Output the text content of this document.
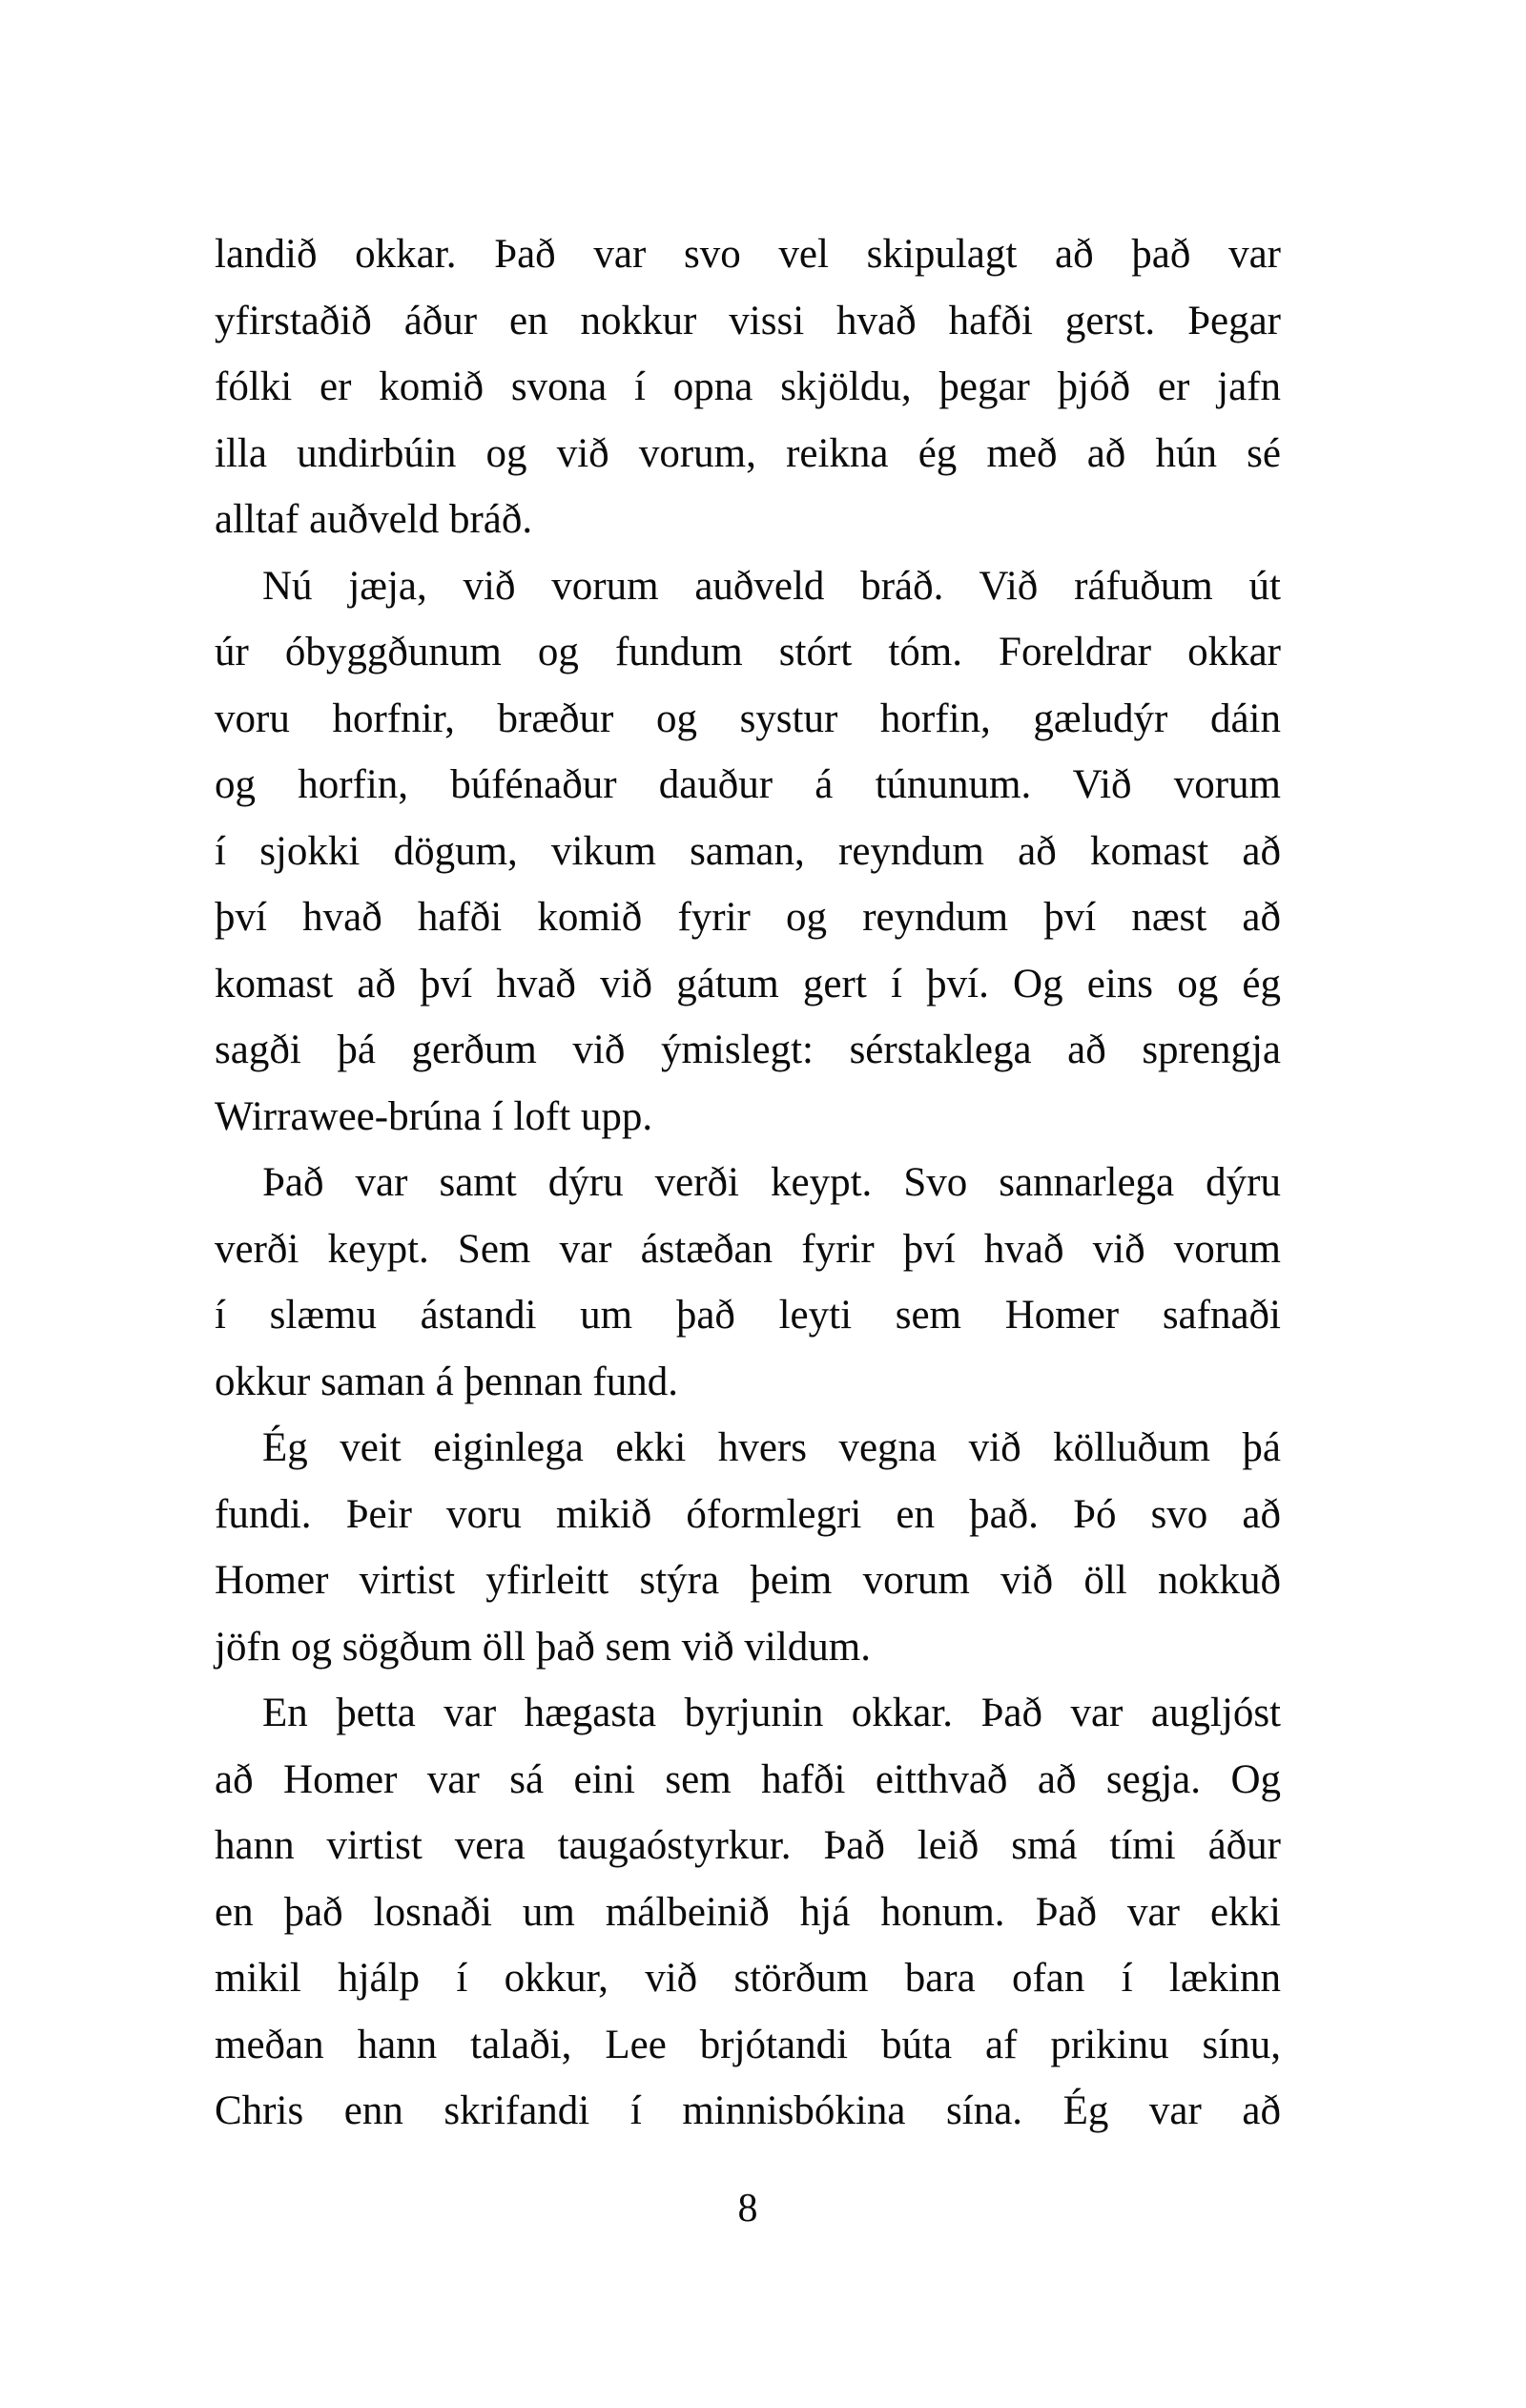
landið okkar. Það var svo vel skipulagt að það var
yfirstaðið áður en nokkur vissi hvað hafði gerst. Þegar
fólki er komið svona í opna skjöldu, þegar þjóð er jafn
illa undirbúin og við vorum, reikna ég með að hún sé
alltaf auðveld bráð.
Nú jæja, við vorum auðveld bráð. Við ráfuðum út
úr óbyggðunum og fundum stórt tóm. Foreldrar okkar
voru horfnir, bræður og systur horfin, gæludýr dáin
og horfin, búfénaður dauður á túnunum. Við vorum
í sjokki dögum, vikum saman, reyndum að komast að
því hvað hafði komið fyrir og reyndum því næst að
komast að því hvað við gátum gert í því. Og eins og ég
sagði þá gerðum við ýmislegt: sérstaklega að sprengja
Wirrawee-brúna í loft upp.
Það var samt dýru verði keypt. Svo sannarlega dýru
verði keypt. Sem var ástæðan fyrir því hvað við vorum
í slæmu ástandi um það leyti sem Homer safnaði
okkur saman á þennan fund.
Ég veit eiginlega ekki hvers vegna við kölluðum þá
fundi. Þeir voru mikið óformlegri en það. Þó svo að
Homer virtist yfirleitt stýra þeim vorum við öll nokkuð
jöfn og sögðum öll það sem við vildum.
En þetta var hægasta byrjunin okkar. Það var augljóst
að Homer var sá eini sem hafði eitthvað að segja. Og
hann virtist vera taugaóstyrkur. Það leið smá tími áður
en það losnaði um málbeinið hjá honum. Það var ekki
mikil hjálp í okkur, við störðum bara ofan í lækinn
meðan hann talaði, Lee brjótandi búta af prikinu sínu,
Chris enn skrifandi í minnisbókina sína. Ég var að
8
